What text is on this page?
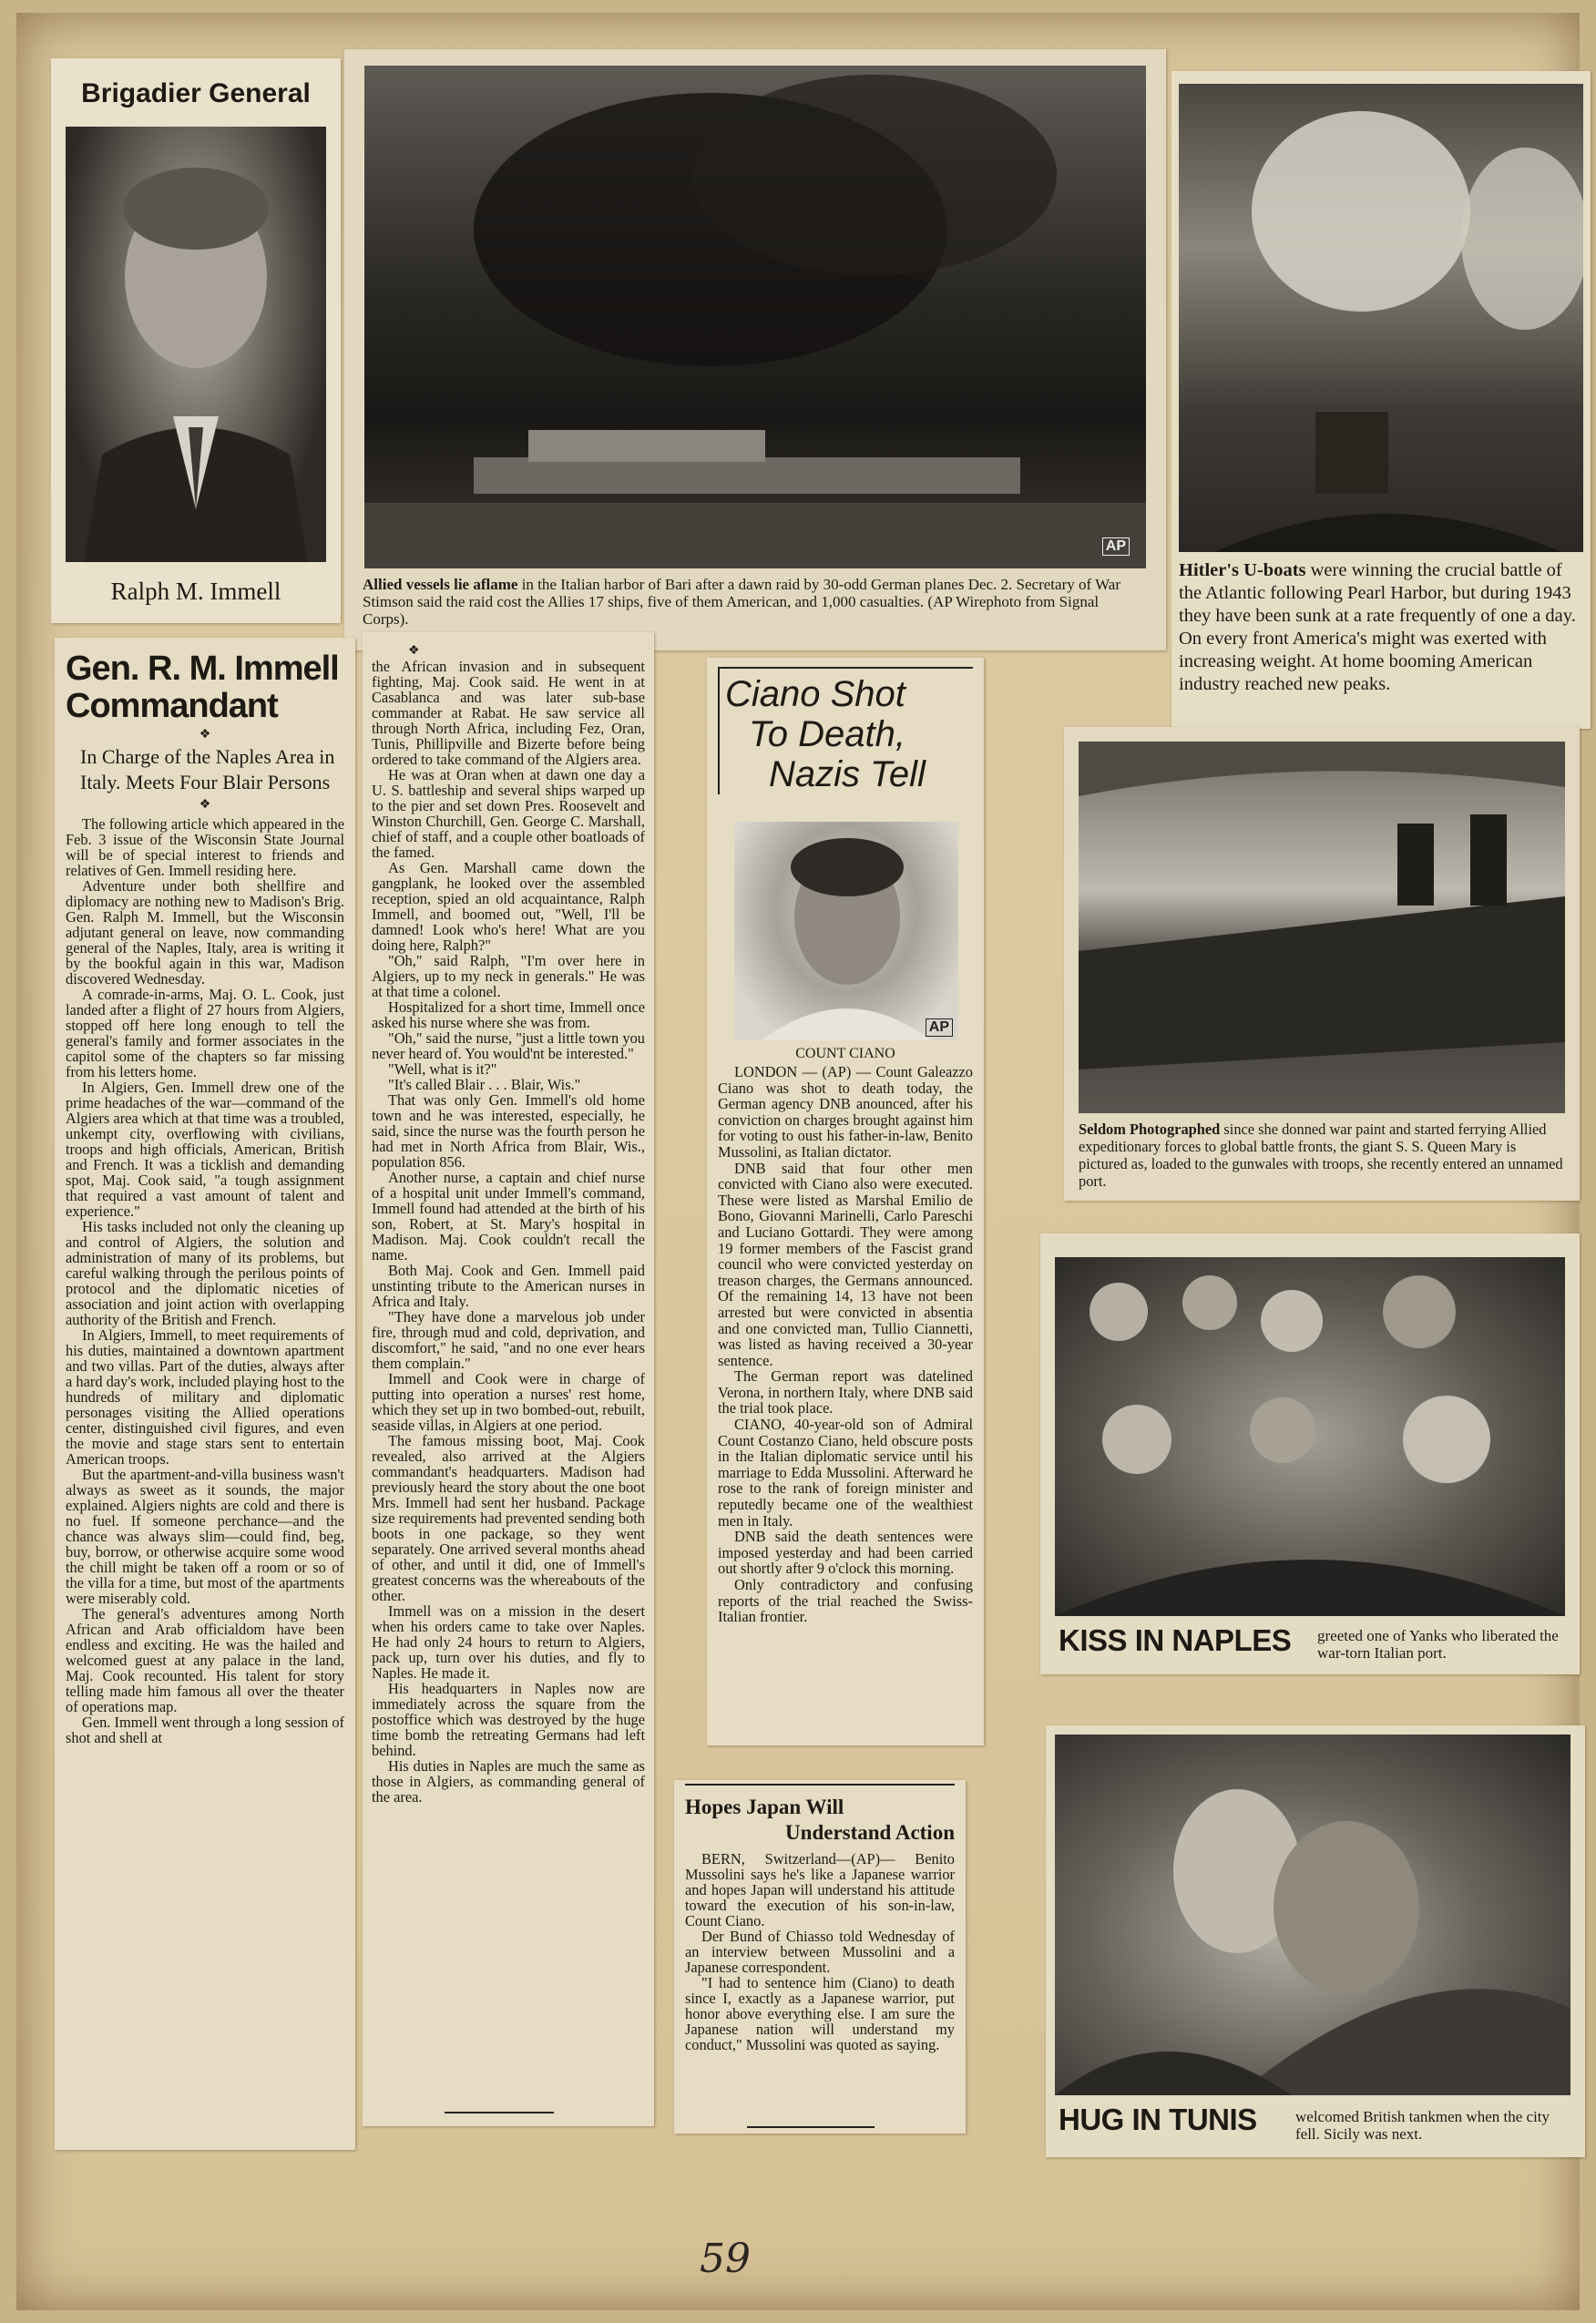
Brigadier General
Ralph M. Immell
AP
Allied vessels lie aflame in the Italian harbor of Bari after a dawn raid by 30-odd German planes Dec. 2. Secretary of War Stimson said the raid cost the Allies 17 ships, five of them American, and 1,000 casualties. (AP Wirephoto from Signal Corps).
Hitler's U-boats were winning the crucial battle of the Atlantic following Pearl Harbor, but during 1943 they have been sunk at a rate frequently of one a day. On every front America's might was exerted with increasing weight. At home booming American industry reached new peaks.
Gen. R. M. Immell
Commandant
❖
In Charge of the Naples Area in Italy. Meets Four Blair Persons
❖

The following article which appeared in the Feb. 3 issue of the Wisconsin State Journal will be of special interest to friends and relatives of Gen. Immell residing here.

Adventure under both shellfire and diplomacy are nothing new to Madison's Brig. Gen. Ralph M. Immell, but the Wisconsin adjutant general on leave, now commanding general of the Naples, Italy, area is writing it by the bookful again in this war, Madison discovered Wednesday.

A comrade-in-arms, Maj. O. L. Cook, just landed after a flight of 27 hours from Algiers, stopped off here long enough to tell the general's family and former associates in the capitol some of the chapters so far missing from his letters home.

In Algiers, Gen. Immell drew one of the prime headaches of the war—command of the Algiers area which at that time was a troubled, unkempt city, overflowing with civilians, troops and high officials, American, British and French. It was a ticklish and demanding spot, Maj. Cook said, "a tough assignment that required a vast amount of talent and experience."

His tasks included not only the cleaning up and control of Algiers, the solution and administration of many of its problems, but careful walking through the perilous points of protocol and the diplomatic niceties of association and joint action with overlapping authority of the British and French.

In Algiers, Immell, to meet requirements of his duties, maintained a downtown apartment and two villas. Part of the duties, always after a hard day's work, included playing host to the hundreds of military and diplomatic personages visiting the Allied operations center, distinguished civil figures, and even the movie and stage stars sent to entertain American troops.

But the apartment-and-villa business wasn't always as sweet as it sounds, the major explained. Algiers nights are cold and there is no fuel. If someone perchance—and the chance was always slim—could find, beg, buy, borrow, or otherwise acquire some wood the chill might be taken off a room or so of the villa for a time, but most of the apartments were miserably cold.

The general's adventures among North African and Arab officialdom have been endless and exciting. He was the hailed and welcomed guest at any palace in the land, Maj. Cook recounted. His talent for story telling made him famous all over the theater of operations map.

Gen. Immell went through a long session of shot and shell at

❖

the African invasion and in subsequent fighting, Maj. Cook said. He went in at Casablanca and was later sub-base commander at Rabat. He saw service all through North Africa, including Fez, Oran, Tunis, Phillipville and Bizerte before being ordered to take command of the Algiers area.

He was at Oran when at dawn one day a U. S. battleship and several ships warped up to the pier and set down Pres. Roosevelt and Winston Churchill, Gen. George C. Marshall, chief of staff, and a couple other boatloads of the famed.

As Gen. Marshall came down the gangplank, he looked over the assembled reception, spied an old acquaintance, Ralph Immell, and boomed out, "Well, I'll be damned! Look who's here! What are you doing here, Ralph?"

"Oh," said Ralph, "I'm over here in Algiers, up to my neck in generals." He was at that time a colonel.

Hospitalized for a short time, Immell once asked his nurse where she was from.

"Oh," said the nurse, "just a little town you never heard of. You would'nt be interested."

"Well, what is it?"

"It's called Blair . . . Blair, Wis."

That was only Gen. Immell's old home town and he was interested, especially, he said, since the nurse was the fourth person he had met in North Africa from Blair, Wis., population 856.

Another nurse, a captain and chief nurse of a hospital unit under Immell's command, Immell found had attended at the birth of his son, Robert, at St. Mary's hospital in Madison. Maj. Cook couldn't recall the name.

Both Maj. Cook and Gen. Immell paid unstinting tribute to the American nurses in Africa and Italy.

"They have done a marvelous job under fire, through mud and cold, deprivation, and discomfort," he said, "and no one ever hears them complain."

Immell and Cook were in charge of putting into operation a nurses' rest home, which they set up in two bombed-out, rebuilt, seaside villas, in Algiers at one period.

The famous missing boot, Maj. Cook revealed, also arrived at the Algiers commandant's headquarters. Madison had previously heard the story about the one boot Mrs. Immell had sent her husband. Package size requirements had prevented sending both boots in one package, so they went separately. One arrived several months ahead of other, and until it did, one of Immell's greatest concerns was the whereabouts of the other.

Immell was on a mission in the desert when his orders came to take over Naples. He had only 24 hours to return to Algiers, pack up, turn over his duties, and fly to Naples. He made it.

His headquarters in Naples now are immediately across the square from the postoffice which was destroyed by the huge time bomb the retreating Germans had left behind.

His duties in Naples are much the same as those in Algiers, as commanding general of the area.

Ciano Shot
To Death,
Nazis Tell
AP
COUNT CIANO

LONDON — (AP) — Count Galeazzo Ciano was shot to death today, the German agency DNB anounced, after his conviction on charges brought against him for voting to oust his father-in-law, Benito Mussolini, as Italian dictator.

DNB said that four other men convicted with Ciano also were executed. These were listed as Marshal Emilio de Bono, Giovanni Marinelli, Carlo Pareschi and Luciano Gottardi. They were among 19 former members of the Fascist grand council who were convicted yesterday on treason charges, the Germans announced. Of the remaining 14, 13 have not been arrested but were convicted in absentia and one convicted man, Tullio Ciannetti, was listed as having received a 30-year sentence.

The German report was datelined Verona, in northern Italy, where DNB said the trial took place.

CIANO, 40-year-old son of Admiral Count Costanzo Ciano, held obscure posts in the Italian diplomatic service until his marriage to Edda Mussolini. Afterward he rose to the rank of foreign minister and reputedly became one of the wealthiest men in Italy.

DNB said the death sentences were imposed yesterday and had been carried out shortly after 9 o'clock this morning.

Only contradictory and confusing reports of the trial reached the Swiss-Italian frontier.

Hopes Japan Will
Understand Action

BERN, Switzerland—(AP)— Benito Mussolini says he's like a Japanese warrior and hopes Japan will understand his attitude toward the execution of his son-in-law, Count Ciano.

Der Bund of Chiasso told Wednesday of an interview between Mussolini and a Japanese correspondent.

"I had to sentence him (Ciano) to death since I, exactly as a Japanese warrior, put honor above everything else. I am sure the Japanese nation will understand my conduct," Mussolini was quoted as saying.

Seldom Photographed since she donned war paint and started ferrying Allied expeditionary forces to global battle fronts, the giant S. S. Queen Mary is pictured as, loaded to the gunwales with troops, she recently entered an unnamed port.
KISS IN NAPLES greeted one of Yanks who liberated the war-torn Italian port.
HUG IN TUNIS welcomed British tankmen when the city fell. Sicily was next.
59
